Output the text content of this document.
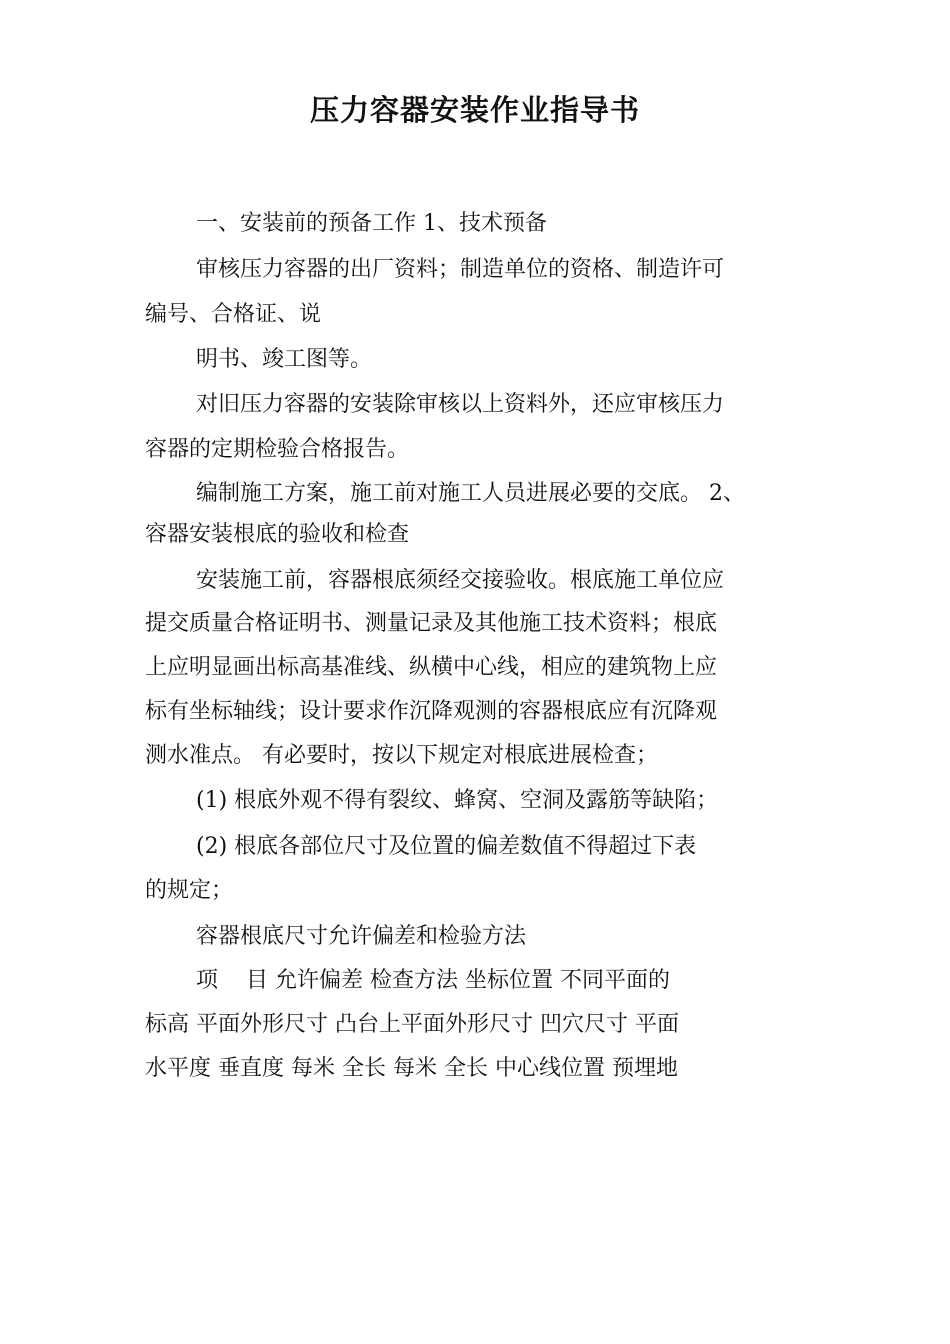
压力容器安装作业指导书

一、安装前的预备工作 1、技术预备

审核压力容器的出厂资料；制造单位的资格、制造许可

编号、合格证、说

明书、竣工图等。

对旧压力容器的安装除审核以上资料外，还应审核压力

容器的定期检验合格报告。

编制施工方案，施工前对施工人员进展必要的交底。 2、

容器安装根底的验收和检查

安装施工前，容器根底须经交接验收。根底施工单位应

提交质量合格证明书、测量记录及其他施工技术资料；根底

上应明显画出标高基准线、纵横中心线，相应的建筑物上应

标有坐标轴线；设计要求作沉降观测的容器根底应有沉降观

测水准点。 有必要时，按以下规定对根底进展检查；

(1) 根底外观不得有裂纹、蜂窝、空洞及露筋等缺陷；

(2) 根底各部位尺寸及位置的偏差数值不得超过下表

的规定；

容器根底尺寸允许偏差和检验方法

项    目 允许偏差 检查方法 坐标位置 不同平面的

标高 平面外形尺寸 凸台上平面外形尺寸 凹穴尺寸 平面

水平度 垂直度 每米 全长 每米 全长 中心线位置 预埋地
